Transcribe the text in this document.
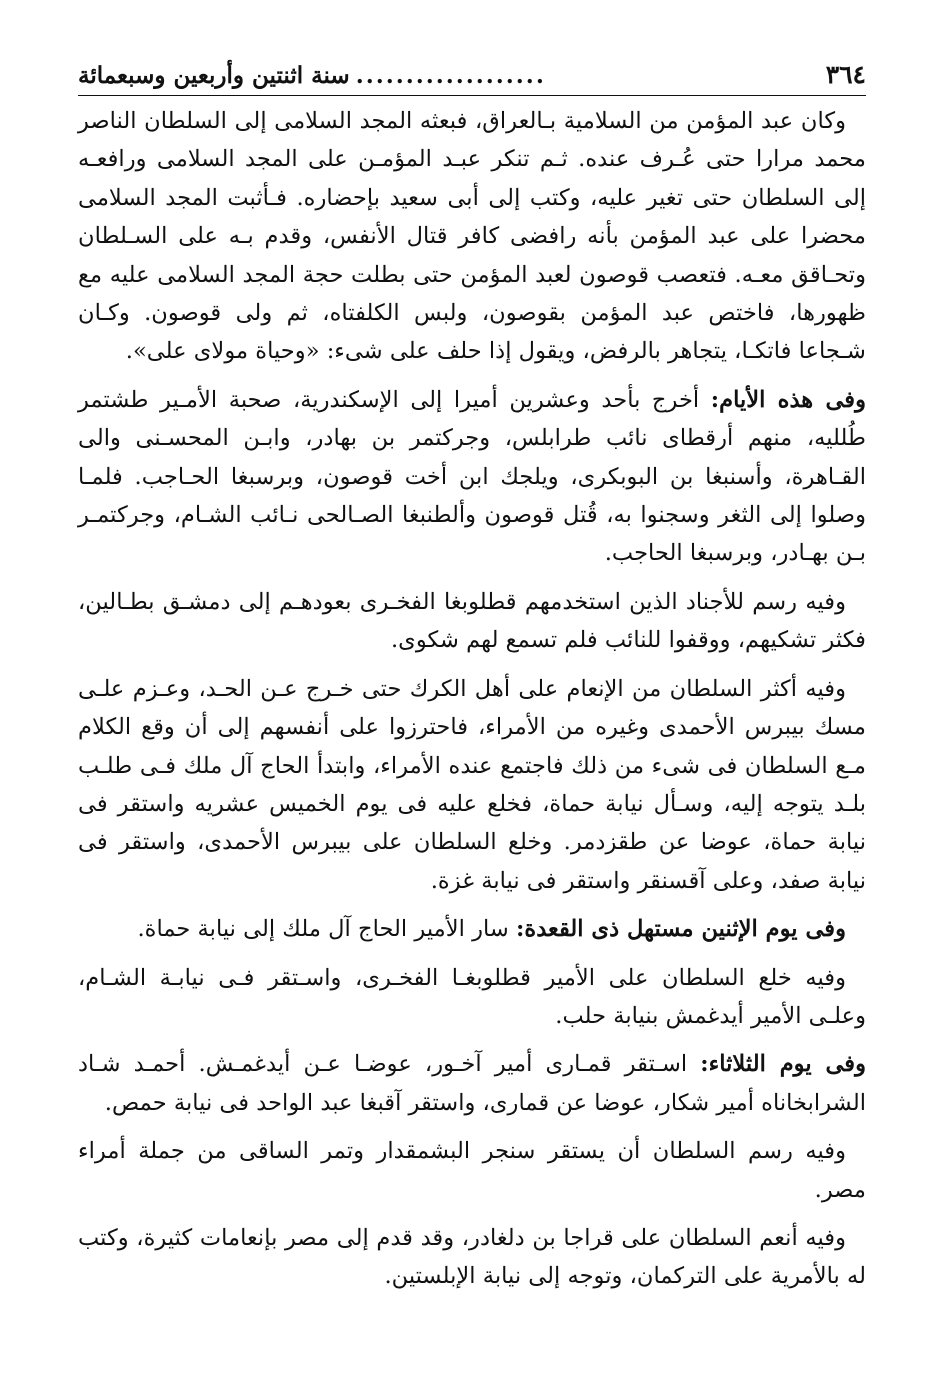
٣٦٤
...................
سنة اثنتين وأربعين وسبعمائة

وكان عبد المؤمن من السلامية بـالعراق، فبعثه المجد السلامى إلى السلطان الناصر محمد مرارا حتى عُـرف عنده. ثـم تنكر عبـد المؤمـن على المجد السلامى ورافعـه إلى السلطان حتى تغير عليه، وكتب إلى أبى سعيد بإحضاره. فـأثبت المجد السلامى محضرا على عبد المؤمن بأنه رافضى كافر قتال الأنفس، وقدم بـه على السـلطان وتحـاقق معـه. فتعصب قوصون لعبد المؤمن حتى بطلت حجة المجد السلامى عليه مع ظهورها، فاختص عبد المؤمن بقوصون، ولبس الكلفتاه، ثم ولى قوصون. وكـان شـجاعا فاتكـا، يتجاهر بالرفض، ويقول إذا حلف على شىء: «وحياة مولاى على».

وفى هذه الأيام: أخرج بأحد وعشرين أميرا إلى الإسكندرية، صحبة الأمـير طشتمر طُلليه، منهم أرقطاى نائب طرابلس، وجركتمر بن بهادر، وابـن المحسـنى والى القـاهرة، وأسنبغا بن البوبكرى، ويلجك ابن أخت قوصون، وبرسبغا الحـاجب. فلمـا وصلوا إلى الثغر وسجنوا به، قُتل قوصون وألطنبغا الصـالحى نـائب الشـام، وجركتمـر بـن بهـادر، وبرسبغا الحاجب.

وفيه رسم للأجناد الذين استخدمهم قطلوبغا الفخـرى بعودهـم إلى دمشـق بطـالين، فكثر تشكيهم، ووقفوا للنائب فلم تسمع لهم شكوى.

وفيه أكثر السلطان من الإنعام على أهل الكرك حتى خـرج عـن الحـد، وعـزم علـى مسك بيبرس الأحمدى وغيره من الأمراء، فاحترزوا على أنفسهم إلى أن وقع الكلام مـع السلطان فى شىء من ذلك فاجتمع عنده الأمراء، وابتدأ الحاج آل ملك فـى طلـب بلـد يتوجه إليه، وسـأل نيابة حماة، فخلع عليه فى يوم الخميس عشريه واستقر فى نيابة حماة، عوضا عن طقزدمر. وخلع السلطان على بيبرس الأحمدى، واستقر فى نيابة صفد، وعلى آقسنقر واستقر فى نيابة غزة.

وفى يوم الإثنين مستهل ذى القعدة: سار الأمير الحاج آل ملك إلى نيابة حماة.

وفيه خلع السلطان على الأمير قطلوبغـا الفخـرى، واسـتقر فـى نيابـة الشـام، وعلـى الأمير أيدغمش بنيابة حلب.

وفى يوم الثلاثاء: اسـتقر قمـارى أمير آخـور، عوضـا عـن أيدغمـش. أحمـد شـاد الشرابخاناه أمير شكار، عوضا عن قمارى، واستقر آقبغا عبد الواحد فى نيابة حمص.

وفيه رسم السلطان أن يستقر سنجر البشمقدار وتمر الساقى من جملة أمراء مصر.

وفيه أنعم السلطان على قراجا بن دلغادر، وقد قدم إلى مصر بإنعامات كثيرة، وكتب له بالأمرية على التركمان، وتوجه إلى نيابة الإبلستين.
